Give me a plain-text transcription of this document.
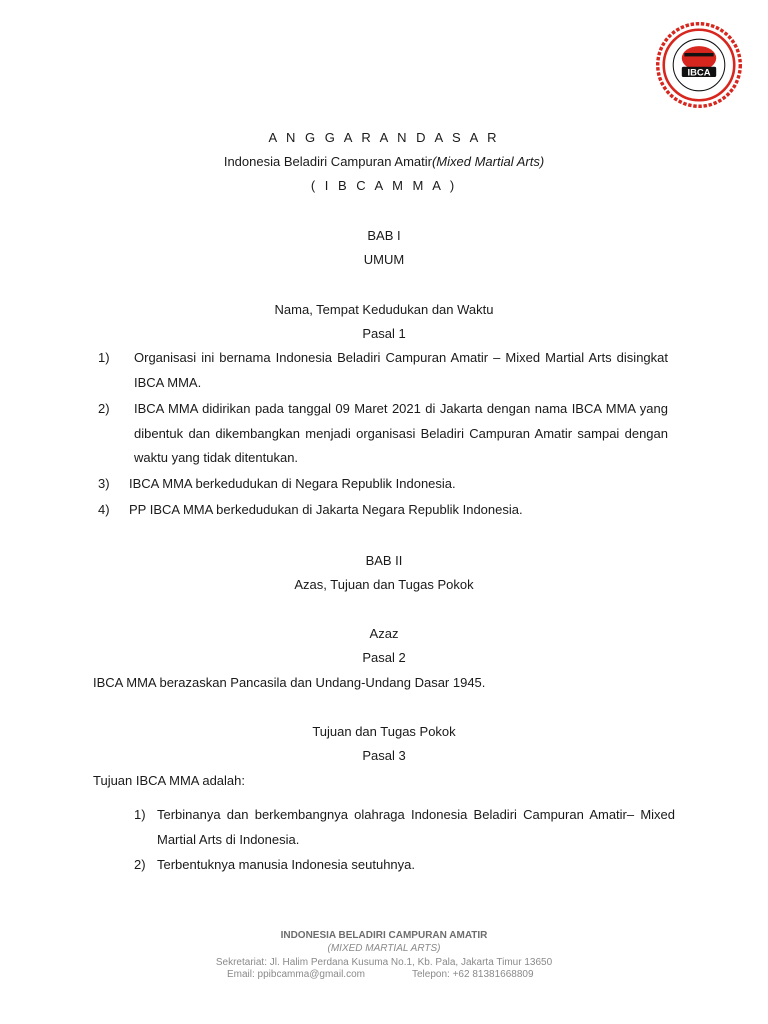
IBCA
A N G G A R A N D A S A R
Indonesia Beladiri Campuran Amatir(Mixed Martial Arts)
( I B C A M M A )
BAB I
UMUM
Nama, Tempat Kedudukan dan Waktu
Pasal 1
1) Organisasi ini bernama Indonesia Beladiri Campuran Amatir – Mixed Martial Arts disingkat IBCA MMA.
2) IBCA MMA didirikan pada tanggal 09 Maret 2021 di Jakarta dengan nama IBCA MMA yang dibentuk dan dikembangkan menjadi organisasi Beladiri Campuran Amatir sampai dengan waktu yang tidak ditentukan.
3) IBCA MMA berkedudukan di Negara Republik Indonesia.
4) PP IBCA MMA berkedudukan di Jakarta Negara Republik Indonesia.
BAB II
Azas, Tujuan dan Tugas Pokok
Azaz
Pasal 2
IBCA MMA berazaskan Pancasila dan Undang-Undang Dasar 1945.
Tujuan dan Tugas Pokok
Pasal 3
Tujuan IBCA MMA adalah:
1) Terbinanya dan berkembangnya olahraga Indonesia Beladiri Campuran Amatir– Mixed Martial Arts di Indonesia.
2) Terbentuknya manusia Indonesia seutuhnya.
INDONESIA BELADIRI CAMPURAN AMATIR
(MIXED MARTIAL ARTS)
Sekretariat: Jl. Halim Perdana Kusuma No.1, Kb. Pala, Jakarta Timur 13650
Email: ppibcamma@gmail.com	Telepon: +62 81381668809
